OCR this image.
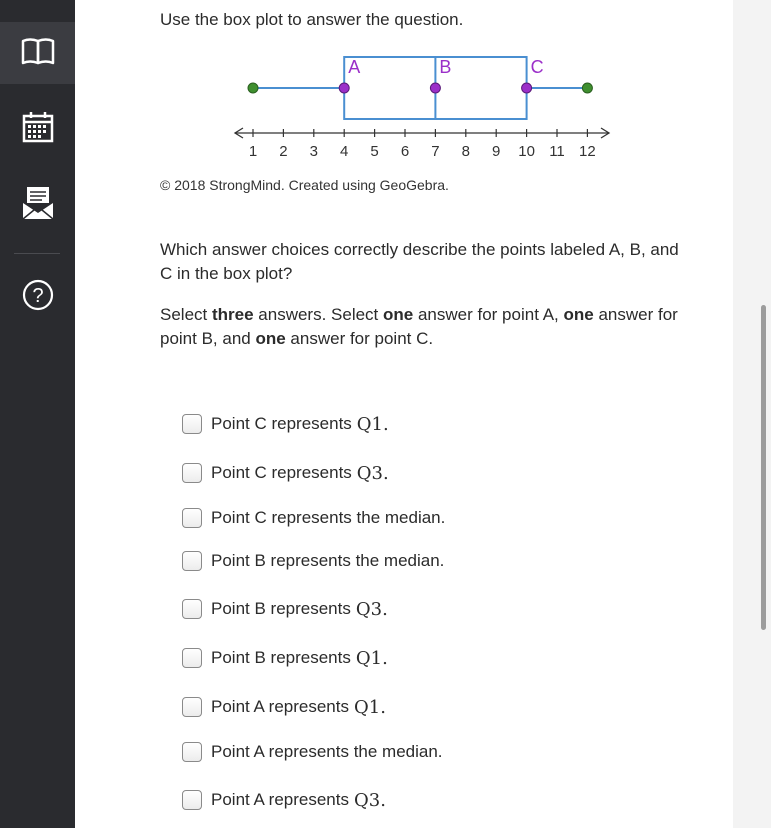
?
Use the box plot to answer the question.
A	B	C
1 2 3 4 5 6 7 8 9 10 11 12
© 2018 StrongMind. Created using GeoGebra.
Which answer choices correctly describe the points labeled A, B, and C in the box plot?
Select three answers. Select one answer for point A, one answer for point B, and one answer for point C.
Point C represents Q1.
Point C represents Q3.
Point C represents the median.
Point B represents the median.
Point B represents Q3.
Point B represents Q1.
Point A represents Q1.
Point A represents the median.
Point A represents Q3.
